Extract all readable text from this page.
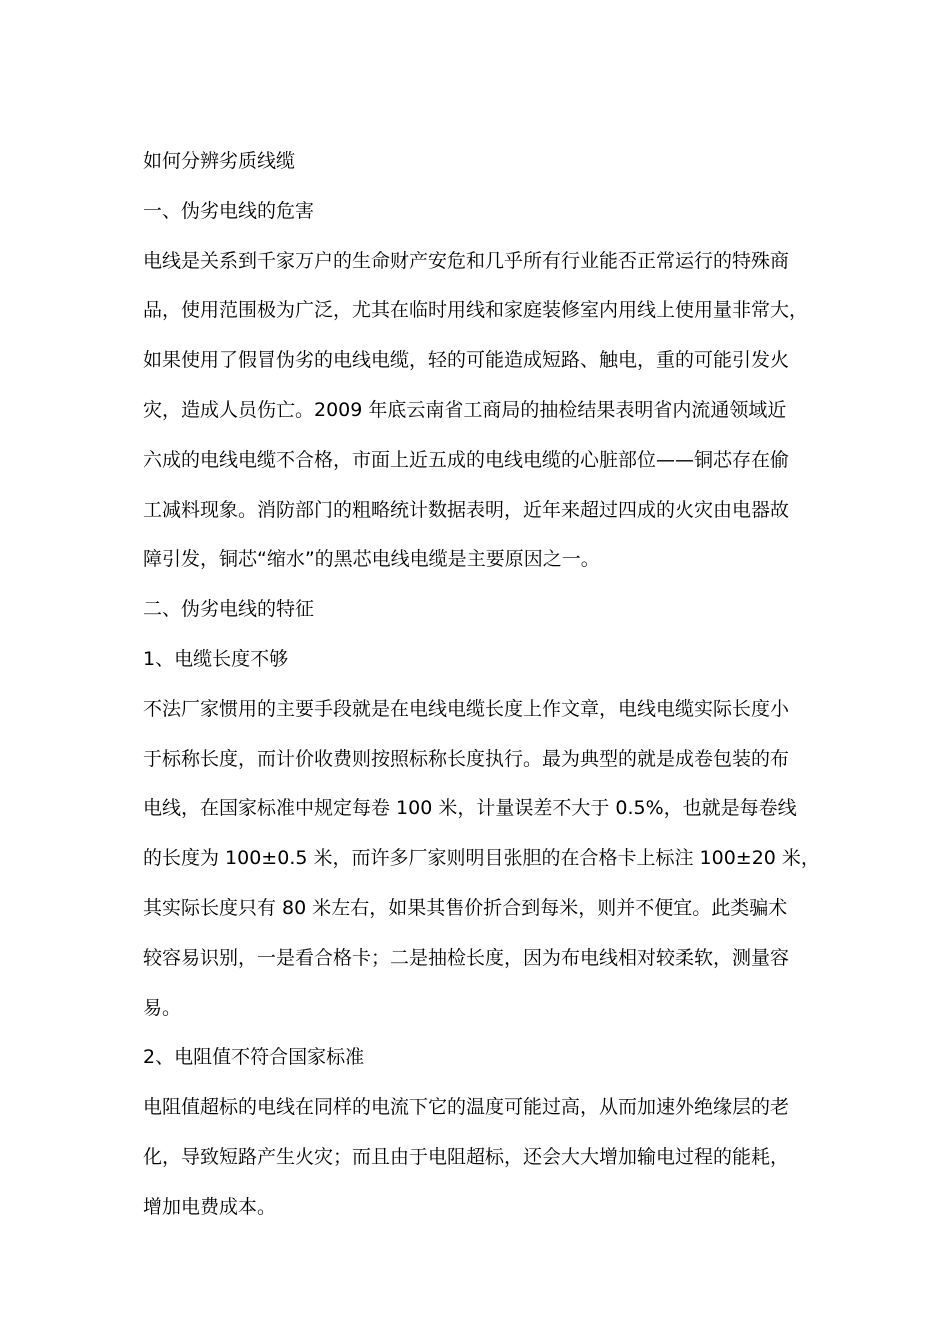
如何分辨劣质线缆
一、伪劣电线的危害
电线是关系到千家万户的生命财产安危和几乎所有行业能否正常运行的特殊商
品，使用范围极为广泛，尤其在临时用线和家庭装修室内用线上使用量非常大，
如果使用了假冒伪劣的电线电缆，轻的可能造成短路、触电，重的可能引发火
灾，造成人员伤亡。2009 年底云南省工商局的抽检结果表明省内流通领域近
六成的电线电缆不合格，市面上近五成的电线电缆的心脏部位——铜芯存在偷
工减料现象。消防部门的粗略统计数据表明，近年来超过四成的火灾由电器故
障引发，铜芯“缩水”的黑芯电线电缆是主要原因之一。
二、伪劣电线的特征
1、电缆长度不够
不法厂家惯用的主要手段就是在电线电缆长度上作文章，电线电缆实际长度小
于标称长度，而计价收费则按照标称长度执行。最为典型的就是成卷包装的布
电线，在国家标准中规定每卷 100 米，计量误差不大于 0.5%，也就是每卷线
的长度为 100±0.5 米，而许多厂家则明目张胆的在合格卡上标注 100±20 米，
其实际长度只有 80 米左右，如果其售价折合到每米，则并不便宜。此类骗术
较容易识别，一是看合格卡；二是抽检长度，因为布电线相对较柔软，测量容
易。
2、电阻值不符合国家标准
电阻值超标的电线在同样的电流下它的温度可能过高，从而加速外绝缘层的老
化，导致短路产生火灾；而且由于电阻超标，还会大大增加输电过程的能耗，
增加电费成本。
